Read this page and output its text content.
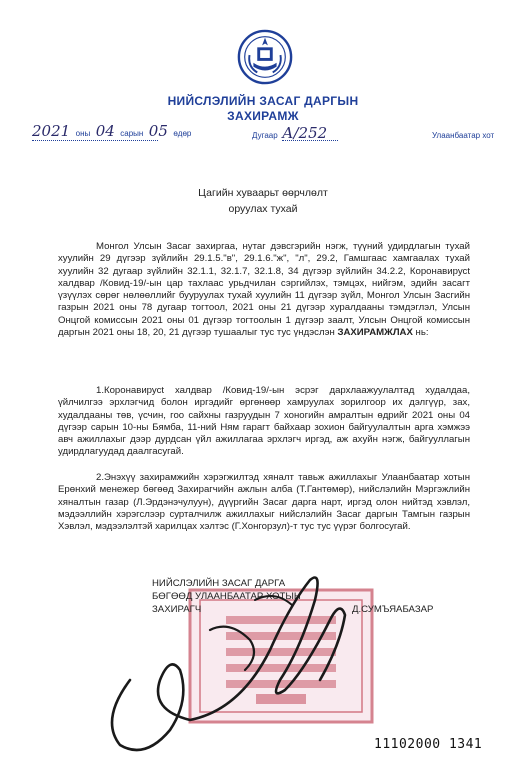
НИЙСЛЭЛИЙН ЗАСАГ ДАРГЫН
ЗАХИРАМЖ
2021 оны 04 сарын 05 өдөр	Дугаар А/252	Улаанбаатар хот
Цагийн хуваарьт өөрчлөлт
оруулах тухай
Монгол Улсын Засаг захиргаа, нутаг дэвсгэрийн нэгж, түүний удирдлагын тухай хуулийн 29 дүгээр зүйлийн 29.1.5."в", 29.1.6."ж", "л", 29.2, Гамшгаас хамгаалах тухай хуулийн 32 дугаар зүйлийн 32.1.1, 32.1.7, 32.1.8, 34 дүгээр зүйлийн 34.2.2, Коронавирусt халдвар /Ковид-19/-ын цар тахлаас урьдчилан сэргийлэх, тэмцэх, нийгэм, эдийн засагт үзүүлэх сөрөг нөлөөллийг бууруулах тухай хуулийн 11 дүгээр зүйл, Монгол Улсын Засгийн газрын 2021 оны 78 дугаар тогтоол, 2021 оны 21 дүгээр хуралдааны тэмдэглэл, Улсын Онцгой комиссын 2021 оны 01 дүгээр тогтоолын 1 дүгээр заалт, Улсын Онцгой комиссын даргын 2021 оны 18, 20, 21 дүгээр тушаалыг тус тус үндэслэн ЗАХИРАМЖЛАХ нь:
1.Коронавирусt халдвар /Ковид-19/-ын эсрэг дархлаажуулалтад худалдаа, үйлчилгээ эрхлэгчид болон иргэдийг өргөнөөр хамруулах зорилгоор их дэлгүүр, зах, худалдааны төв, үсчин, гоо сайхны газруудын 7 хоногийн амралтын өдрийг 2021 оны 04 дүгээр сарын 10-ны Бямба, 11-ний Ням гарагт байхаар зохион байгуулалтын арга хэмжээ авч ажиллахыг дээр дурдсан үйл ажиллагаа эрхлэгч иргэд, аж ахуйн нэгж, байгууллагын удирдлагуудад даалгасугай.
2.Энэхүү захирамжийн хэрэгжилтэд хяналт тавьж ажиллахыг Улаанбаатар хотын Ерөнхий менежер бөгөөд Захирагчийн ажлын алба (Т.Гантөмөр), нийслэлийн Мэргэжлийн хяналтын газар (Л.Эрдэнэчулуун), дүүргийн Засаг дарга нарт, иргэд олон нийтэд хэвлэл, мэдээллийн хэрэгслээр сурталчилж ажиллахыг нийслэлийн Засаг даргын Тамгын газрын Хэвлэл, мэдээлэлтэй харилцах хэлтэс (Г.Хонгорзул)-т тус тус үүрэг болгосугай.
НИЙСЛЭЛИЙН ЗАСАГ ДАРГА
БӨГӨӨД УЛААНБААТАР ХОТЫН
ЗАХИРАГЧ	Д.СУМЪЯАБАЗАР
11102000 1341
